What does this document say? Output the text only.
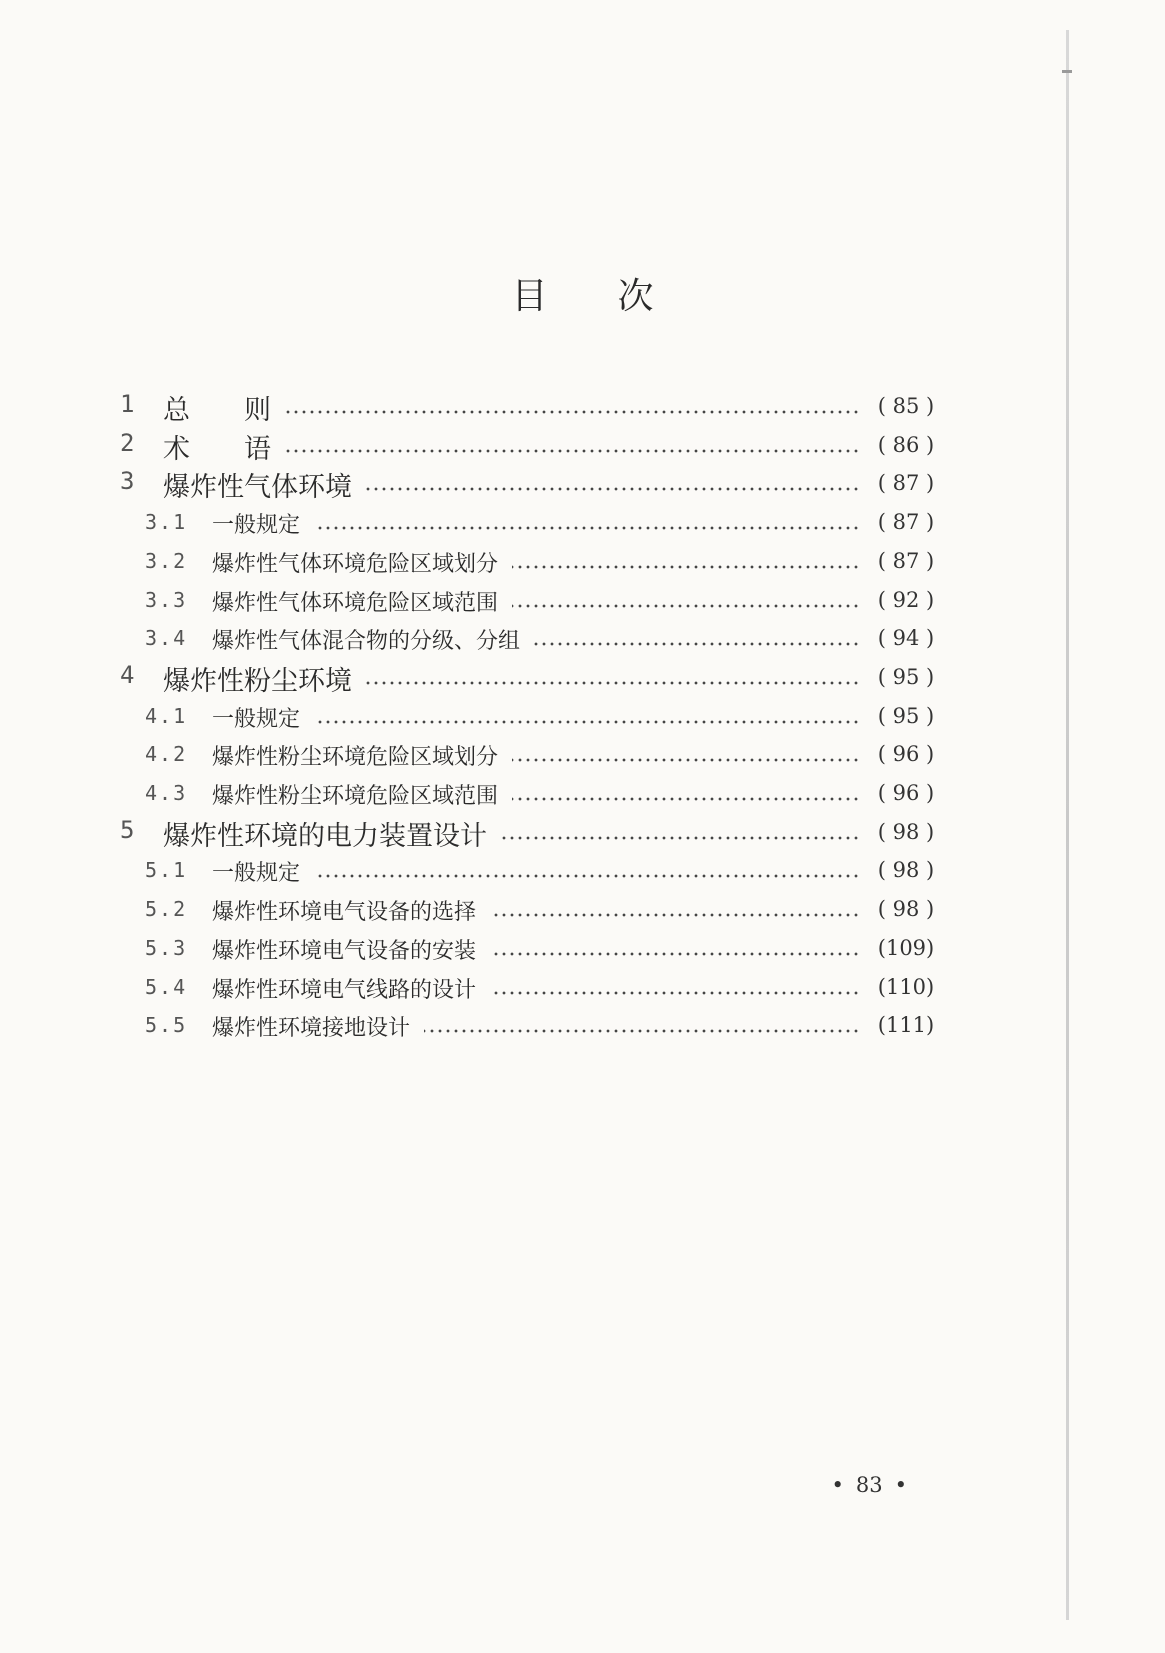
目 次
1 总　　则	( 85 )
2 术　　语	( 86 )
3 爆炸性气体环境	( 87 )
3.1 一般规定	( 87 )
3.2 爆炸性气体环境危险区域划分	( 87 )
3.3 爆炸性气体环境危险区域范围	( 92 )
3.4 爆炸性气体混合物的分级、分组	( 94 )
4 爆炸性粉尘环境	( 95 )
4.1 一般规定	( 95 )
4.2 爆炸性粉尘环境危险区域划分	( 96 )
4.3 爆炸性粉尘环境危险区域范围	( 96 )
5 爆炸性环境的电力装置设计	( 98 )
5.1 一般规定	( 98 )
5.2 爆炸性环境电气设备的选择	( 98 )
5.3 爆炸性环境电气设备的安装	(109)
5.4 爆炸性环境电气线路的设计	(110)
5.5 爆炸性环境接地设计	(111)
• 83 •
